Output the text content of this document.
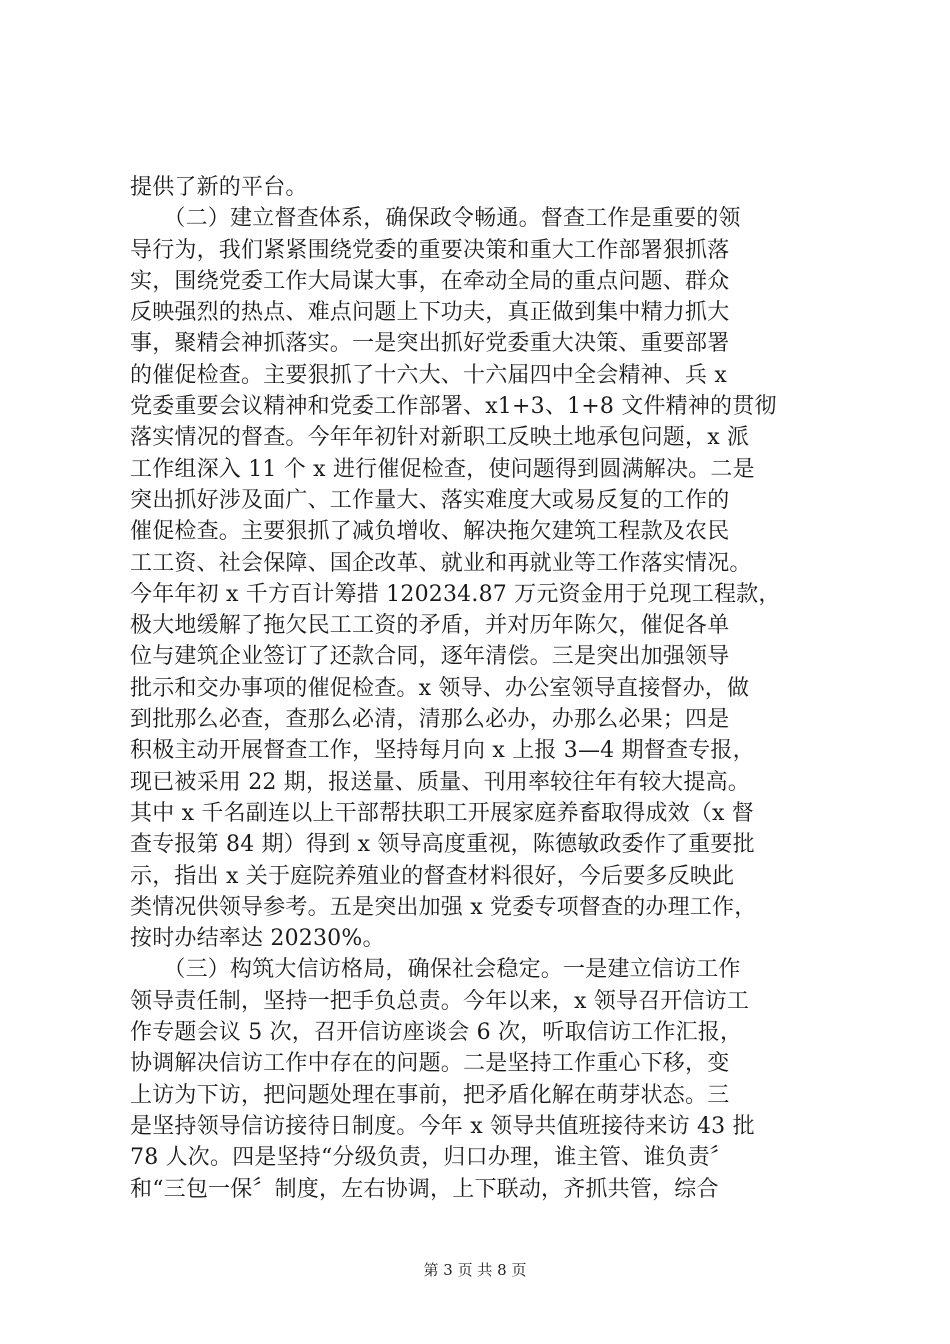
提供了新的平台。
　　（二）建立督查体系，确保政令畅通。督查工作是重要的领
导行为，我们紧紧围绕党委的重要决策和重大工作部署狠抓落
实，围绕党委工作大局谋大事，在牵动全局的重点问题、群众
反映强烈的热点、难点问题上下功夫，真正做到集中精力抓大
事，聚精会神抓落实。一是突出抓好党委重大决策、重要部署
的催促检查。主要狠抓了十六大、十六届四中全会精神、兵 x
党委重要会议精神和党委工作部署、x1+3、1+8 文件精神的贯彻
落实情况的督查。今年年初针对新职工反映土地承包问题，x 派
工作组深入 11 个 x 进行催促检查，使问题得到圆满解决。二是
突出抓好涉及面广、工作量大、落实难度大或易反复的工作的
催促检查。主要狠抓了减负增收、解决拖欠建筑工程款及农民
工工资、社会保障、国企改革、就业和再就业等工作落实情况。
今年年初 x 千方百计筹措 120234.87 万元资金用于兑现工程款，
极大地缓解了拖欠民工工资的矛盾，并对历年陈欠，催促各单
位与建筑企业签订了还款合同，逐年清偿。三是突出加强领导
批示和交办事项的催促检查。x 领导、办公室领导直接督办，做
到批那么必查，查那么必清，清那么必办，办那么必果；四是
积极主动开展督查工作，坚持每月向 x 上报 3—4 期督查专报，
现已被采用 22 期，报送量、质量、刊用率较往年有较大提高。
其中 x 千名副连以上干部帮扶职工开展家庭养畜取得成效（x 督
查专报第 84 期）得到 x 领导高度重视，陈德敏政委作了重要批
示，指出 x 关于庭院养殖业的督查材料很好，今后要多反映此
类情况供领导参考。五是突出加强 x 党委专项督查的办理工作，
按时办结率达 20230%。
　　（三）构筑大信访格局，确保社会稳定。一是建立信访工作
领导责任制，坚持一把手负总责。今年以来，x 领导召开信访工
作专题会议 5 次，召开信访座谈会 6 次，听取信访工作汇报，
协调解决信访工作中存在的问题。二是坚持工作重心下移，变
上访为下访，把问题处理在事前，把矛盾化解在萌芽状态。三
是坚持领导信访接待日制度。今年 x 领导共值班接待来访 43 批
78 人次。四是坚持“分级负责，归口办理，谁主管、谁负责〞
和“三包一保〞制度，左右协调，上下联动，齐抓共管，综合
第 3 页 共 8 页
